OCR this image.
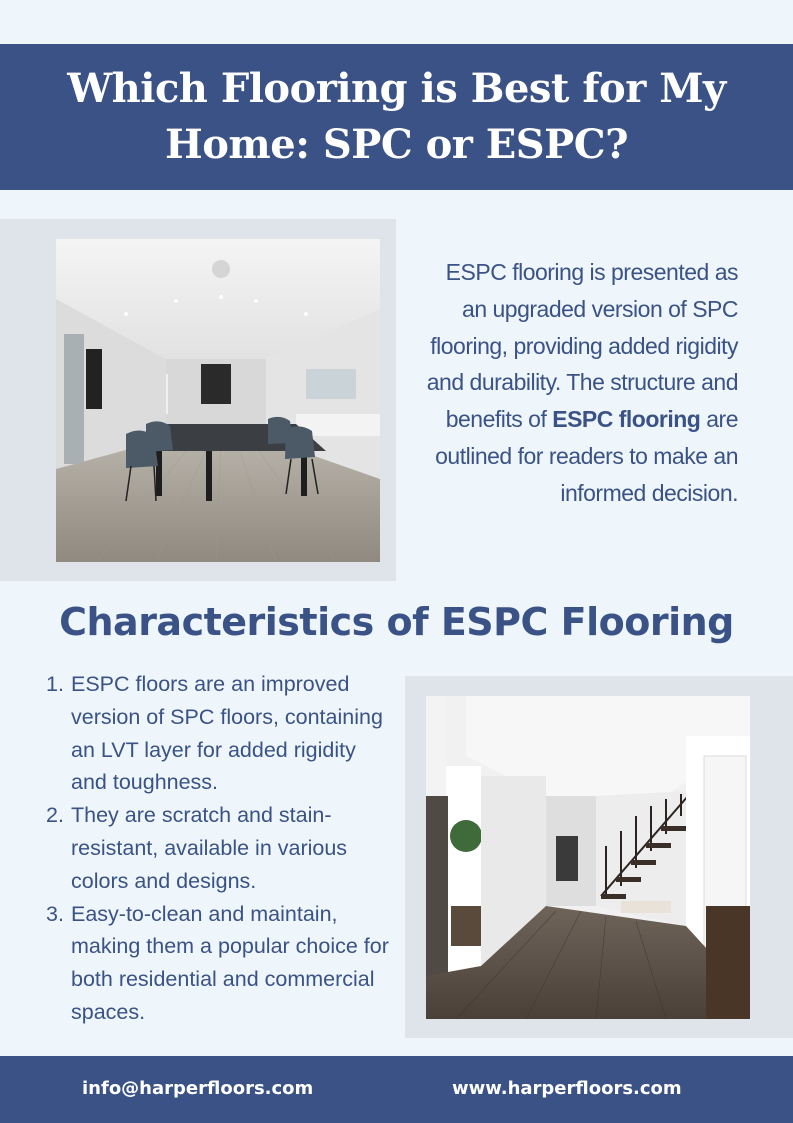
Which Flooring is Best for My Home: SPC or ESPC?
ESPC flooring is presented as an upgraded version of SPC flooring, providing added rigidity and durability. The structure and benefits of ESPC flooring are outlined for readers to make an informed decision.
Characteristics of ESPC Flooring
1. ESPC floors are an improved version of SPC floors, containing an LVT layer for added rigidity and toughness.
2. They are scratch and stain-resistant, available in various colors and designs.
3. Easy-to-clean and maintain, making them a popular choice for both residential and commercial spaces.
info@harperfloors.com	www.harperfloors.com
